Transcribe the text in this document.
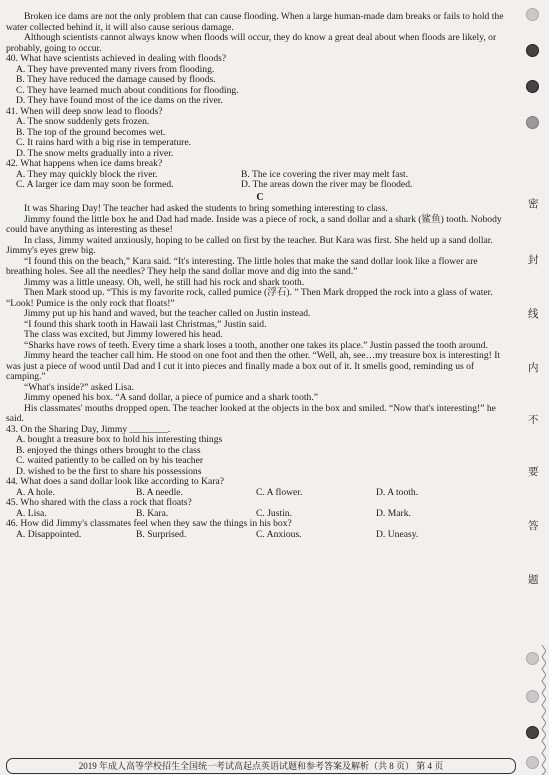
Broken ice dams are not the only problem that can cause flooding. When a large human-made dam breaks or fails to hold the water collected behind it, it will also cause serious damage.

Although scientists cannot always know when floods will occur, they do know a great deal about when floods are likely, or probably, going to occur.

40. What have scientists achieved in dealing with floods?

A. They have prevented many rivers from flooding.

B. They have reduced the damage caused by floods.

C. They have learned much about conditions for flooding.

D. They have found most of the ice dams on the river.

41. When will deep snow lead to floods?

A. The snow suddenly gets frozen.

B. The top of the ground becomes wet.

C. It rains hard with a big rise in temperature.

D. The snow melts gradually into a river.

42. What happens when ice dams break?

A. They may quickly block the river.	B. The ice covering the river may melt fast.
C. A larger ice dam may soon be formed.	D. The areas down the river may be flooded.
C

It was Sharing Day! The teacher had asked the students to bring something interesting to class.

Jimmy found the little box he and Dad had made. Inside was a piece of rock, a sand dollar and a shark (鲨鱼) tooth. Nobody could have anything as interesting as these!

In class, Jimmy waited anxiously, hoping to be called on first by the teacher. But Kara was first. She held up a sand dollar. Jimmy's eyes grew big.

“I found this on the beach,” Kara said. “It's interesting. The little holes that make the sand dollar look like a flower are breathing holes. See all the needles? They help the sand dollar move and dig into the sand.”

Jimmy was a little uneasy. Oh, well, he still had his rock and shark tooth.

Then Mark stood up. “This is my favorite rock, called pumice (浮石). ” Then Mark dropped the rock into a glass of water. “Look! Pumice is the only rock that floats!”

Jimmy put up his hand and waved, but the teacher called on Justin instead.

“I found this shark tooth in Hawaii last Christmas,” Justin said.

The class was excited, but Jimmy lowered his head.

“Sharks have rows of teeth. Every time a shark loses a tooth, another one takes its place.” Justin passed the tooth around.

Jimmy heard the teacher call him. He stood on one foot and then the other. “Well, ah, see…my treasure box is interesting! It was just a piece of wood until Dad and I cut it into pieces and finally made a box out of it. It smells good, reminding us of camping.”

“What's inside?” asked Lisa.

Jimmy opened his box. “A sand dollar, a piece of pumice and a shark tooth.”

His classmates' mouths dropped open. The teacher looked at the objects in the box and smiled. “Now that's interesting!” he said.

43. On the Sharing Day, Jimmy ________.

A. bought a treasure box to hold his interesting things

B. enjoyed the things others brought to the class

C. waited patiently to be called on by his teacher

D. wished to be the first to share his possessions

44. What does a sand dollar look like according to Kara?

A. A hole.	B. A needle.	C. A flower.	D. A tooth.

45. Who shared with the class a rock that floats?

A. Lisa.	B. Kara.	C. Justin.	D. Mark.

46. How did Jimmy's classmates feel when they saw the things in his box?

A. Disappointed.	B. Surprised.	C. Anxious.	D. Uneasy.
密
封
线
内
不
要
答
题
2019 年成人高等学校招生全国统一考试高起点英语试题和参考答案及解析（共 8 页） 第 4 页
